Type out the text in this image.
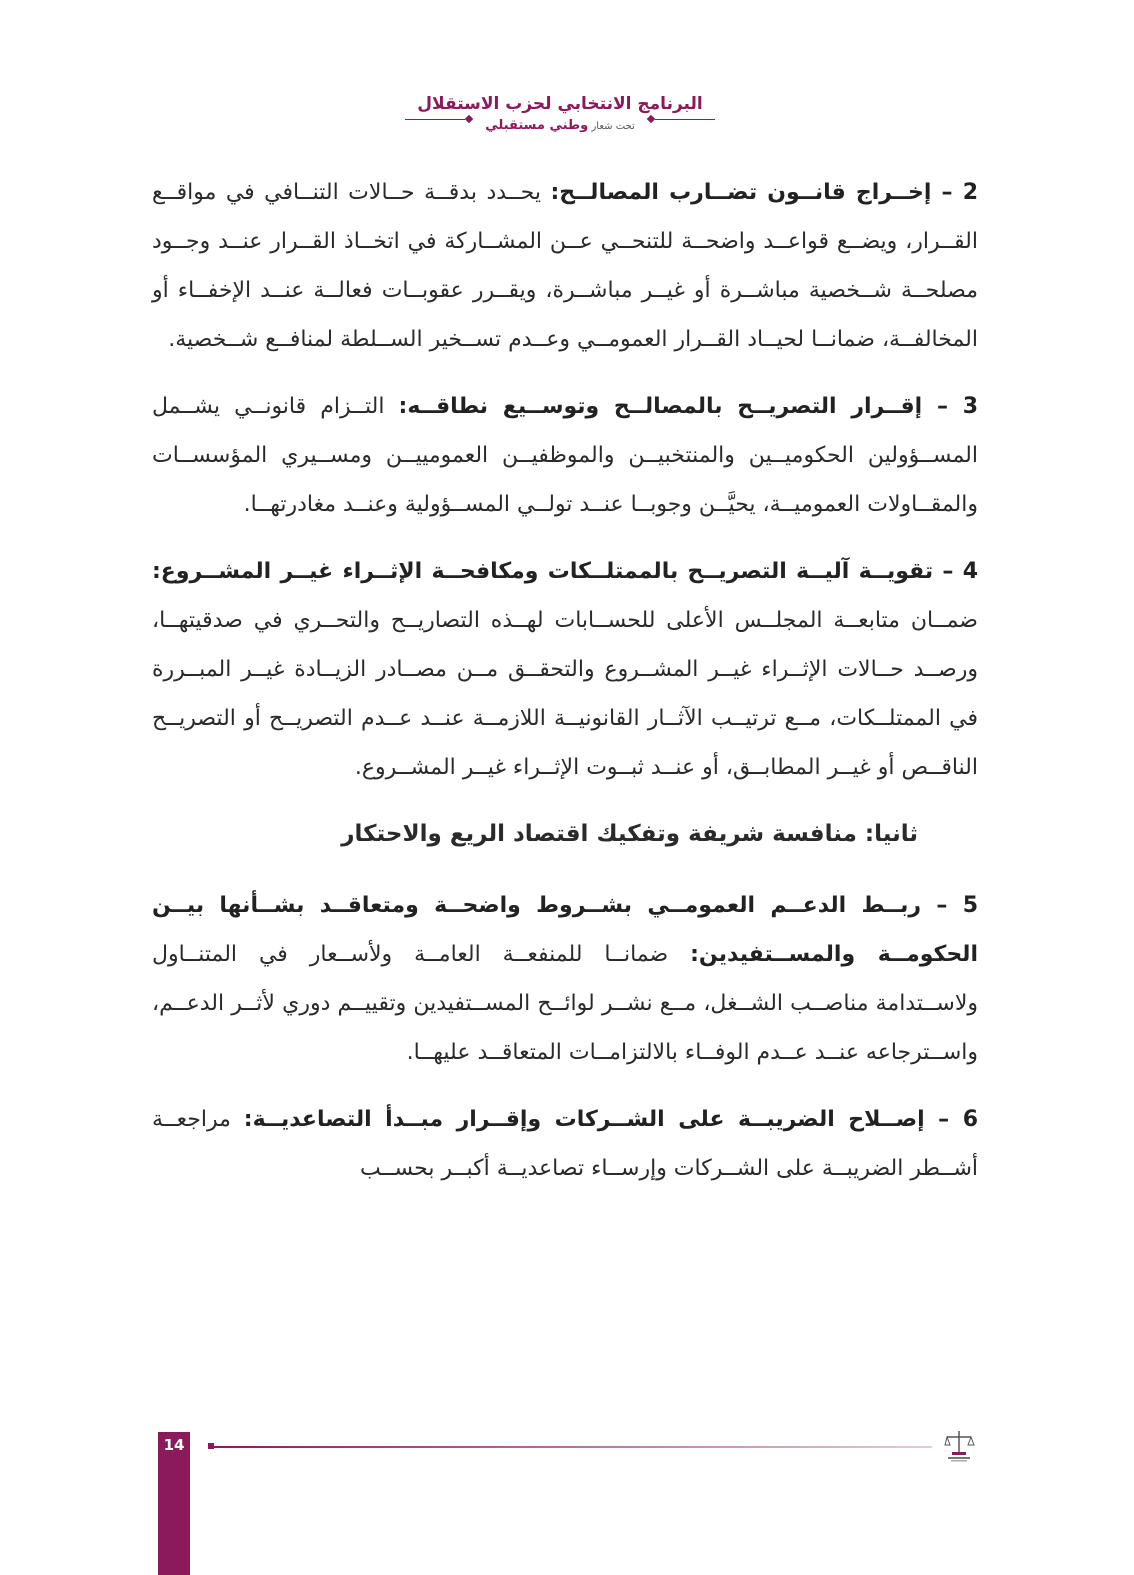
البرنامج الانتخابي لحزب الاستقلال
تحت شعار وطني مستقبلي

2 – إخــراج قانــون تضــارب المصالــح: يحــدد بدقــة حــالات التنــافي في مواقــع القــرار، ويضــع قواعــد واضحــة للتنحــي عــن المشــاركة في اتخــاذ القــرار عنــد وجــود مصلحــة شــخصية مباشــرة أو غيــر مباشــرة، ويقــرر عقوبــات فعالــة عنــد الإخفــاء أو المخالفــة، ضمانــا لحيــاد القــرار العمومــي وعــدم تســخير الســلطة لمنافــع شــخصية.

3 – إقــرار التصريــح بالمصالــح وتوســيع نطاقــه: التــزام قانونــي يشــمل المســؤولين الحكوميــين والمنتخبيــن والموظفيــن العمومييــن ومســيري المؤسســات والمقــاولات العموميــة، يحيَّــن وجوبــا عنــد تولــي المســؤولية وعنــد مغادرتهــا.

4 – تقويــة آليــة التصريــح بالممتلــكات ومكافحــة الإثــراء غيــر المشــروع: ضمــان متابعــة المجلــس الأعلى للحســابات لهــذه التصاريــح والتحــري في صدقيتهــا، ورصــد حــالات الإثــراء غيــر المشــروع والتحقــق مــن مصــادر الزيــادة غيــر المبــررة في الممتلــكات، مــع ترتيــب الآثــار القانونيــة اللازمــة عنــد عــدم التصريــح أو التصريــح الناقــص أو غيــر المطابــق، أو عنــد ثبــوت الإثــراء غيــر المشــروع.

ثانيا: منافسة شريفة وتفكيك اقتصاد الريع والاحتكار

5 – ربــط الدعــم العمومــي بشــروط واضحــة ومتعاقــد بشــأنها بيــن الحكومــة والمســتفيدين: ضمانــا للمنفعــة العامــة ولأســعار في المتنــاول ولاســتدامة مناصــب الشــغل، مــع نشــر لوائــح المســتفيدين وتقييــم دوري لأثــر الدعــم، واســترجاعه عنــد عــدم الوفــاء بالالتزامــات المتعاقــد عليهــا.

6 – إصــلاح الضريبــة على الشــركات وإقــرار مبــدأ التصاعديــة: مراجعــة أشــطر الضريبــة على الشــركات وإرســاء تصاعديــة أكبــر بحســب

14
